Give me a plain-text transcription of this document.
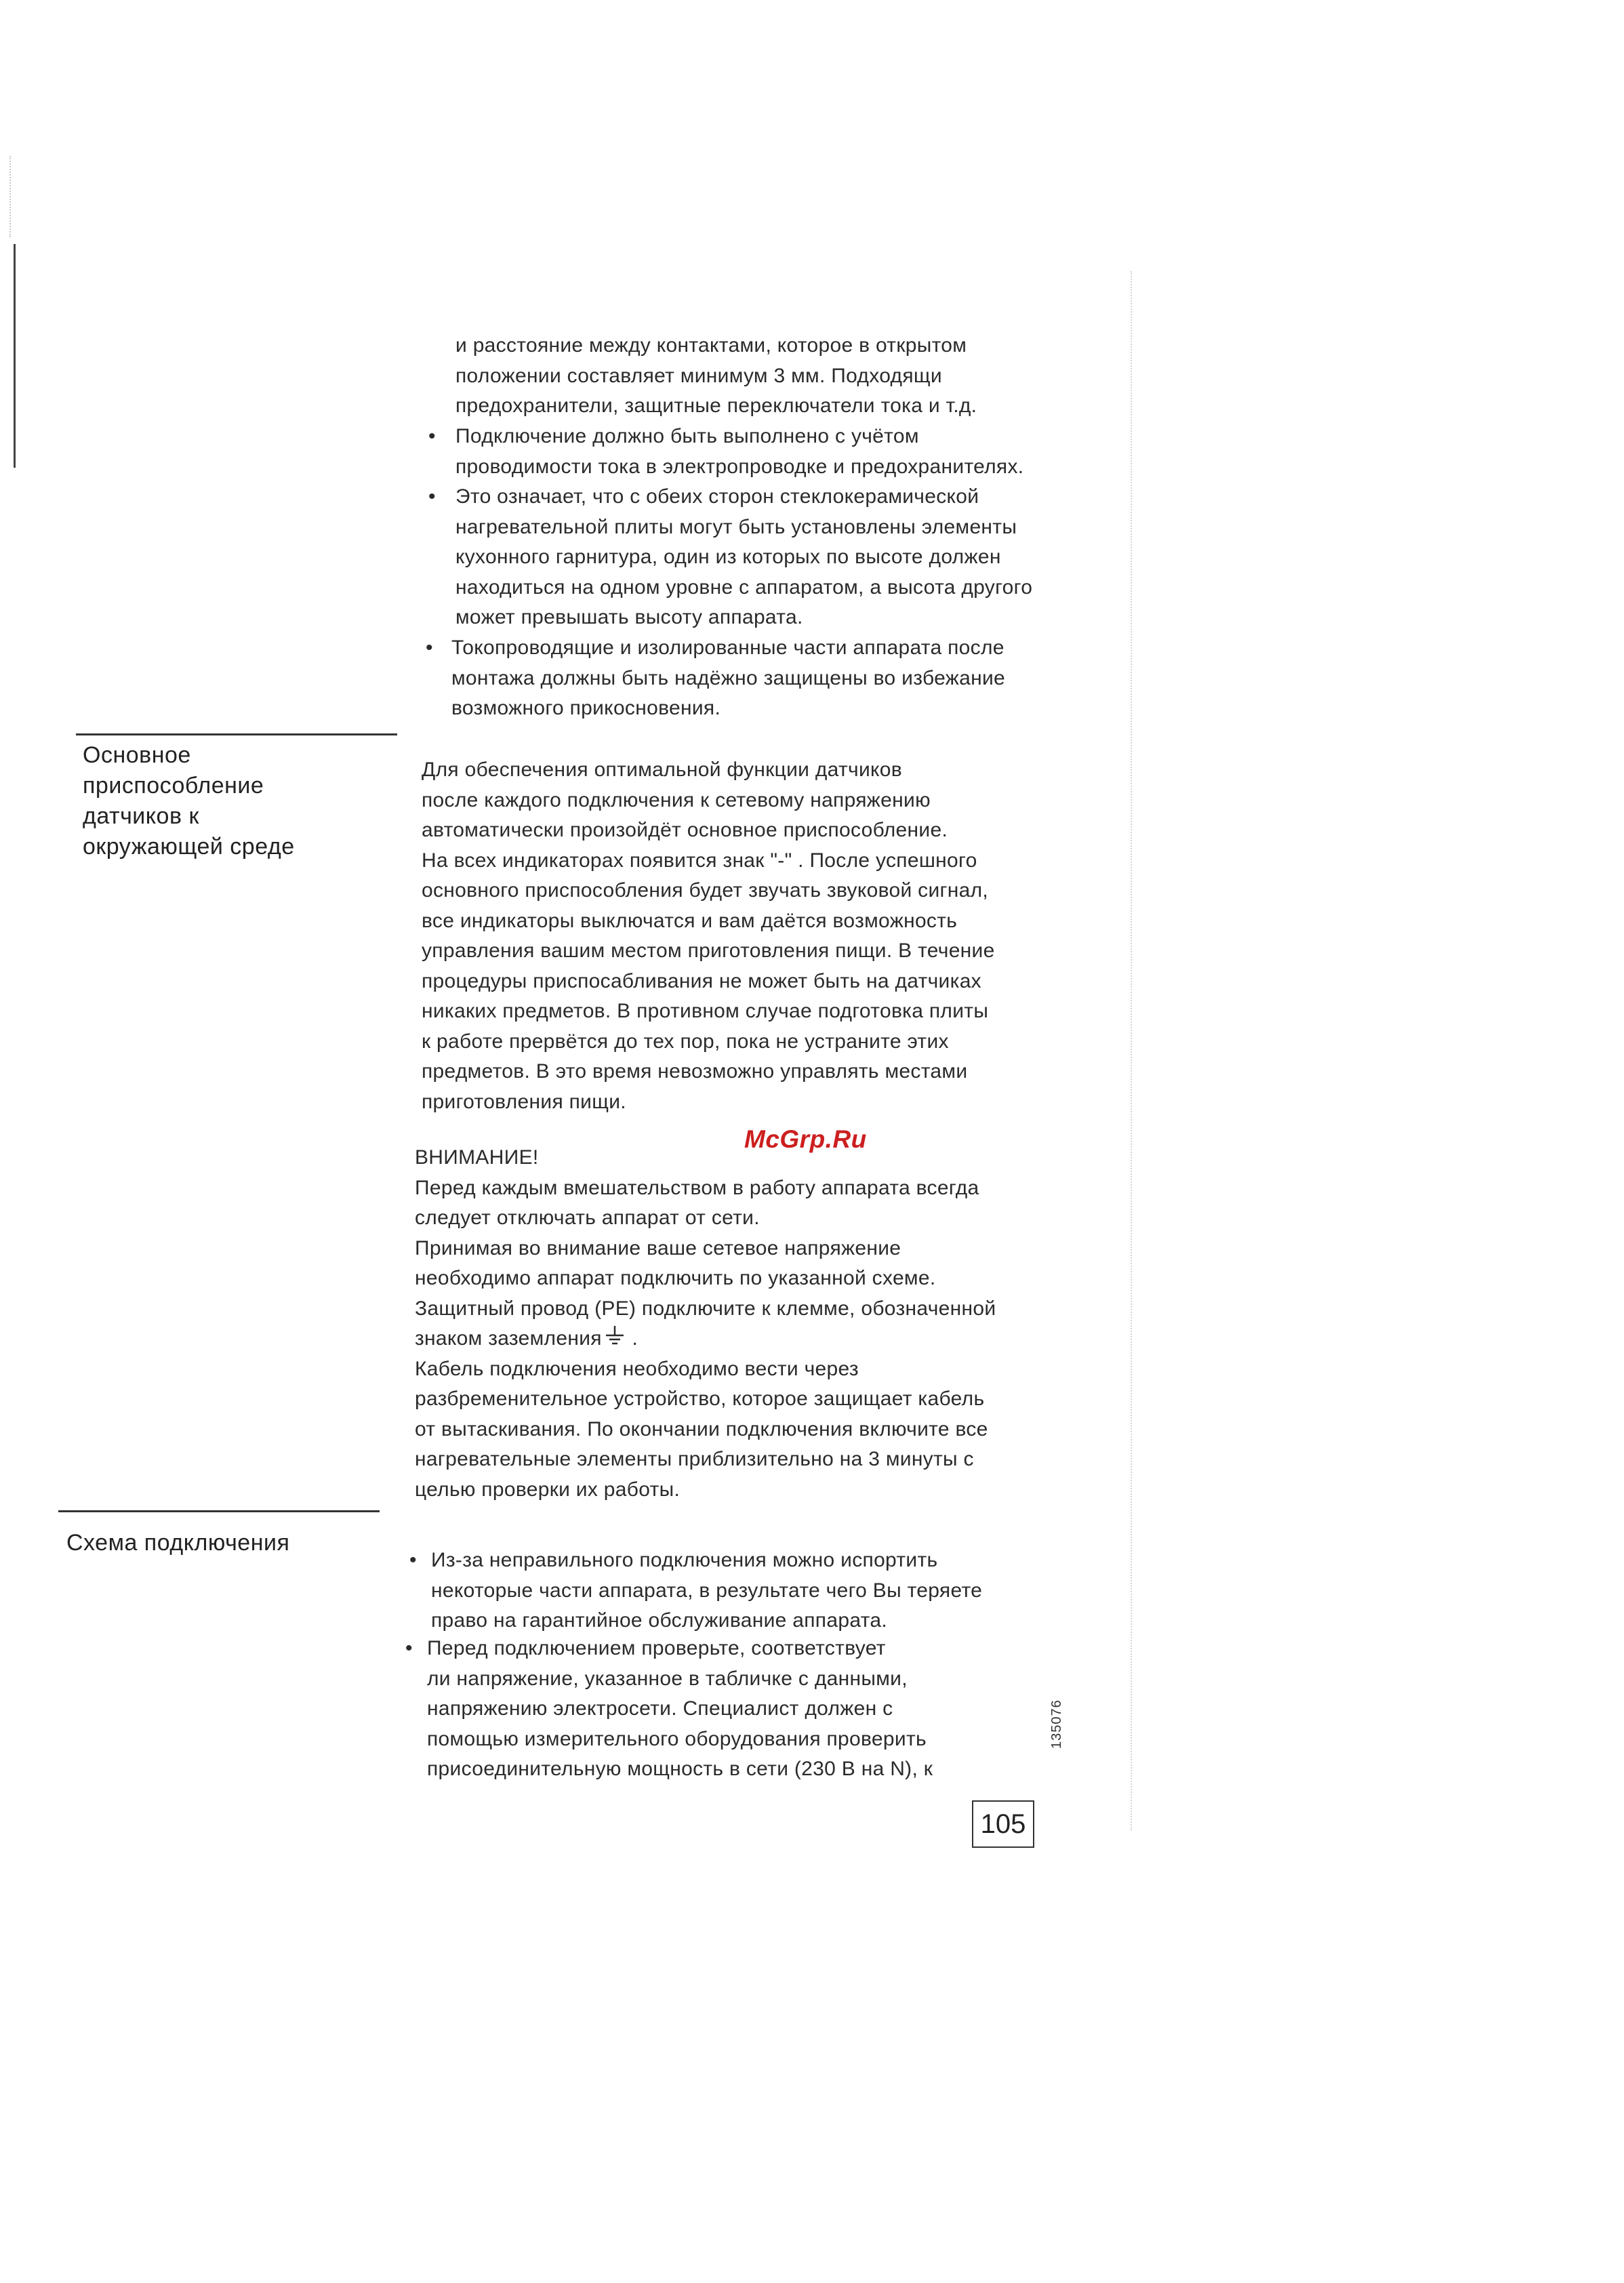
и расстояние между контактами, которое в открытом
положении составляет минимум 3 мм. Подходящи
предохранители, защитные переключатели тока и т.д.
• Подключение должно быть выполнено с учётом
проводимости тока в электропроводке и предохранителях.
• Это означает, что с обеих сторон стеклокерамической
нагревательной плиты могут быть установлены элементы
кухонного гарнитура, один из которых по высоте должен
находиться на одном уровне с аппаратом, а высота другого
может превышать высоту аппарата.
• Токопроводящие и изолированные части аппарата после
монтажа должны быть надёжно защищены во избежание
возможного прикосновения.
Основное
приспособление
датчиков к
окружающей среде
Для обеспечения оптимальной функции датчиков
после каждого подключения к сетевому напряжению
автоматически произойдёт основное приспособление.
На всех индикаторах появится знак "-" . После успешного
основного приспособления будет звучать звуковой сигнал,
все индикаторы выключатся и вам даётся возможность
управления вашим местом приготовления пищи. В течение
процедуры приспосабливания не может быть на датчиках
никаких предметов. В противном случае подготовка плиты
к работе прервётся до тех пор, пока не устраните этих
предметов. В это время невозможно управлять местами
приготовления пищи.
McGrp.Ru
ВНИМАНИЕ!
Перед каждым вмешательством в работу аппарата всегда
следует отключать аппарат от сети.
Принимая во внимание ваше сетевое напряжение
необходимо аппарат подключить по указанной схеме.
Защитный провод (PE) подключите к клемме, обозначенной
знаком заземления .
Кабель подключения необходимо вести через
разбременительное устройство, которое защищает кабель
от вытаскивания. По окончании подключения включите все
нагревательные элементы приблизительно на 3 минуты с
целью проверки их работы.
Схема подключения
• Из-за неправильного подключения можно испортить
некоторые части аппарата, в результате чего Вы теряете
право на гарантийное обслуживание аппарата.
• Перед подключением проверьте, соответствует
ли напряжение, указанное в табличке с данными,
напряжению электросети. Специалист должен с
помощью измерительного оборудования проверить
присоединительную мощность в сети (230 В на N), к
135076
105
